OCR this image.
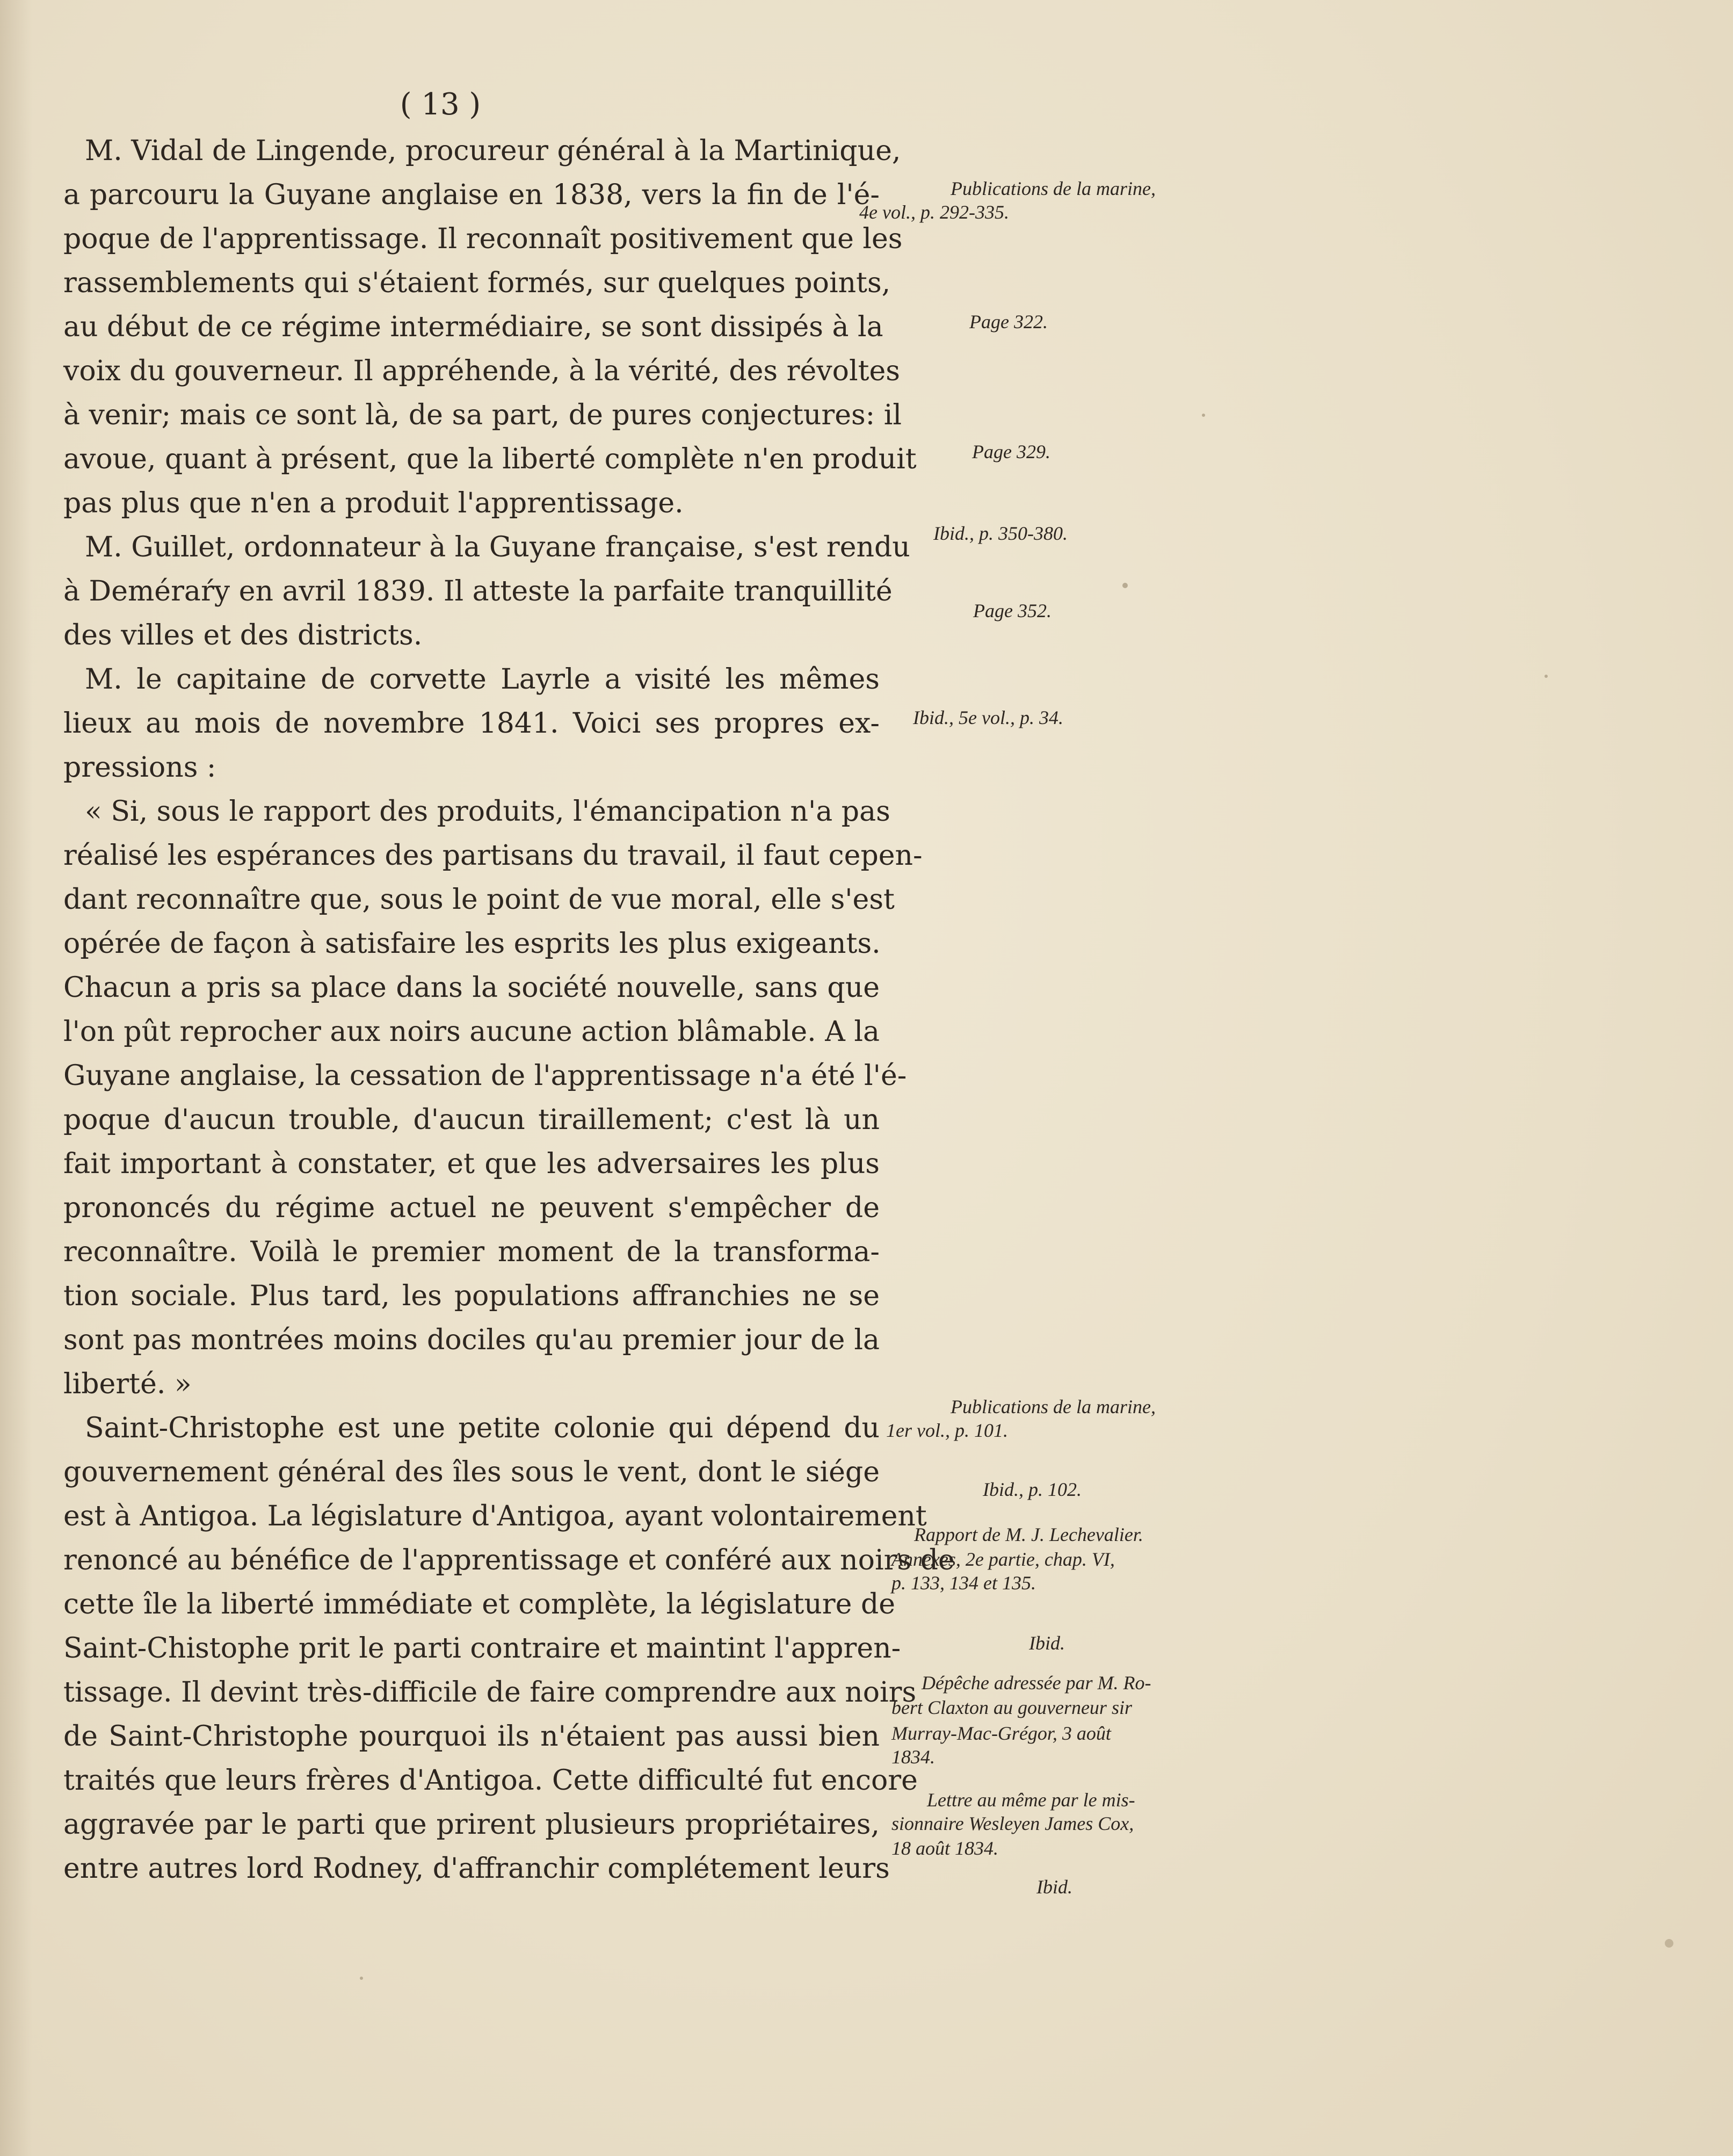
( 13 )
M. Vidal de Lingende, procureur général à la Martinique,
a parcouru la Guyane anglaise en 1838, vers la fin de l'é-
poque de l'apprentissage. Il reconnaît positivement que les
rassemblements qui s'étaient formés, sur quelques points,
au début de ce régime intermédiaire, se sont dissipés à la
voix du gouverneur. Il appréhende, à la vérité, des révoltes
à venir; mais ce sont là, de sa part, de pures conjectures: il
avoue, quant à présent, que la liberté complète n'en produit
pas plus que n'en a produit l'apprentissage.
M. Guillet, ordonnateur à la Guyane française, s'est rendu
à Deméraŕy en avril 1839. Il atteste la parfaite tranquillité
des villes et des districts.
M. le capitaine de corvette Layrle a visité les mêmes
lieux au mois de novembre 1841. Voici ses propres ex-
pressions :
« Si, sous le rapport des produits, l'émancipation n'a pas
réalisé les espérances des partisans du travail, il faut cepen-
dant reconnaître que, sous le point de vue moral, elle s'est
opérée de façon à satisfaire les esprits les plus exigeants.
Chacun a pris sa place dans la société nouvelle, sans que
l'on pût reprocher aux noirs aucune action blâmable. A la
Guyane anglaise, la cessation de l'apprentissage n'a été l'é-
poque d'aucun trouble, d'aucun tiraillement; c'est là un
fait important à constater, et que les adversaires les plus
prononcés du régime actuel ne peuvent s'empêcher de
reconnaître. Voilà le premier moment de la transforma-
tion sociale. Plus tard, les populations affranchies ne se
sont pas montrées moins dociles qu'au premier jour de la
liberté. »
Saint-Christophe est une petite colonie qui dépend du
gouvernement général des îles sous le vent, dont le siége
est à Antigoa. La législature d'Antigoa, ayant volontairement
renoncé au bénéfice de l'apprentissage et conféré aux noirs de
cette île la liberté immédiate et complète, la législature de
Saint-Chistophe prit le parti contraire et maintint l'appren-
tissage. Il devint très-difficile de faire comprendre aux noirs
de Saint-Christophe pourquoi ils n'étaient pas aussi bien
traités que leurs frères d'Antigoa. Cette difficulté fut encore
aggravée par le parti que prirent plusieurs propriétaires,
entre autres lord Rodney, d'affranchir complétement leurs
Publications de la marine,
4e vol., p. 292-335.
Page 322.
Page 329.
Ibid., p. 350-380.
Page 352.
Ibid., 5e vol., p. 34.
Publications de la marine,
1er vol., p. 101.
Ibid., p. 102.
Rapport de M. J. Lechevalier.
Annexes, 2e partie, chap. VI,
p. 133, 134 et 135.
Ibid.
Dépêche adressée par M. Ro-
bert Claxton au gouverneur sir
Murray-Mac-Grégor, 3 août
1834.
Lettre au même par le mis-
sionnaire Wesleyen James Cox,
18 août 1834.
Ibid.
